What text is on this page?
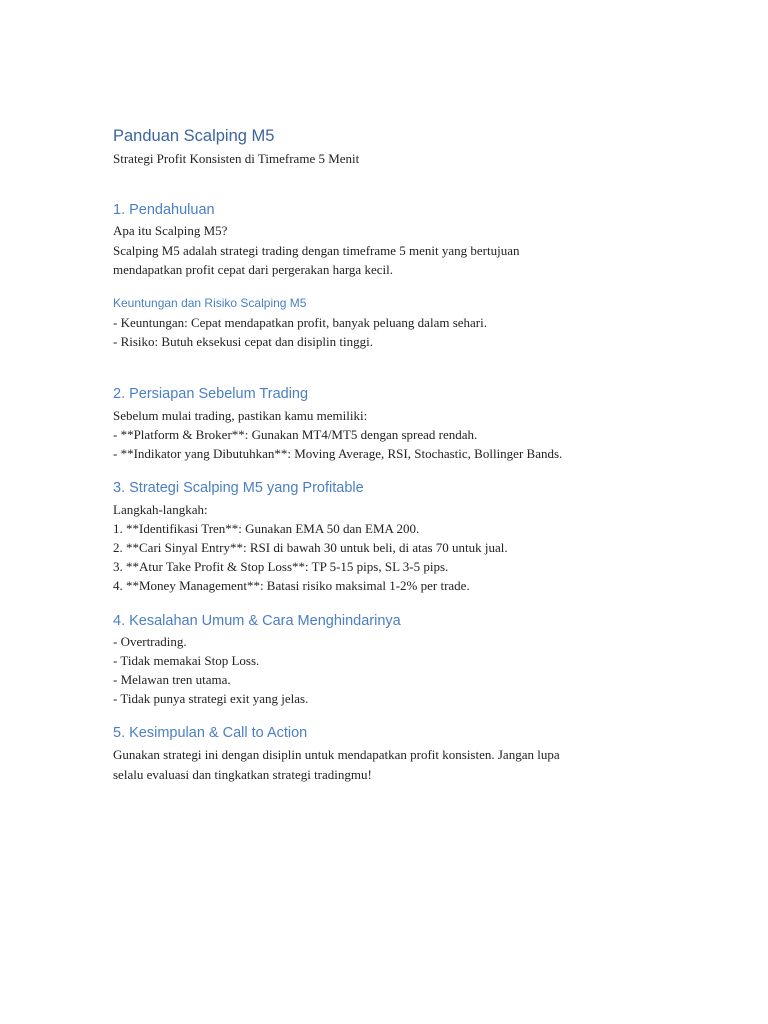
Panduan Scalping M5

Strategi Profit Konsisten di Timeframe 5 Menit

1. Pendahuluan

Apa itu Scalping M5?

Scalping M5 adalah strategi trading dengan timeframe 5 menit yang bertujuan

mendapatkan profit cepat dari pergerakan harga kecil.

Keuntungan dan Risiko Scalping M5

- Keuntungan: Cepat mendapatkan profit, banyak peluang dalam sehari.

- Risiko: Butuh eksekusi cepat dan disiplin tinggi.

2. Persiapan Sebelum Trading

Sebelum mulai trading, pastikan kamu memiliki:

- **Platform & Broker**: Gunakan MT4/MT5 dengan spread rendah.

- **Indikator yang Dibutuhkan**: Moving Average, RSI, Stochastic, Bollinger Bands.

3. Strategi Scalping M5 yang Profitable

Langkah-langkah:

1. **Identifikasi Tren**: Gunakan EMA 50 dan EMA 200.

2. **Cari Sinyal Entry**: RSI di bawah 30 untuk beli, di atas 70 untuk jual.

3. **Atur Take Profit & Stop Loss**: TP 5-15 pips, SL 3-5 pips.

4. **Money Management**: Batasi risiko maksimal 1-2% per trade.

4. Kesalahan Umum & Cara Menghindarinya

- Overtrading.

- Tidak memakai Stop Loss.

- Melawan tren utama.

- Tidak punya strategi exit yang jelas.

5. Kesimpulan & Call to Action

Gunakan strategi ini dengan disiplin untuk mendapatkan profit konsisten. Jangan lupa

selalu evaluasi dan tingkatkan strategi tradingmu!
